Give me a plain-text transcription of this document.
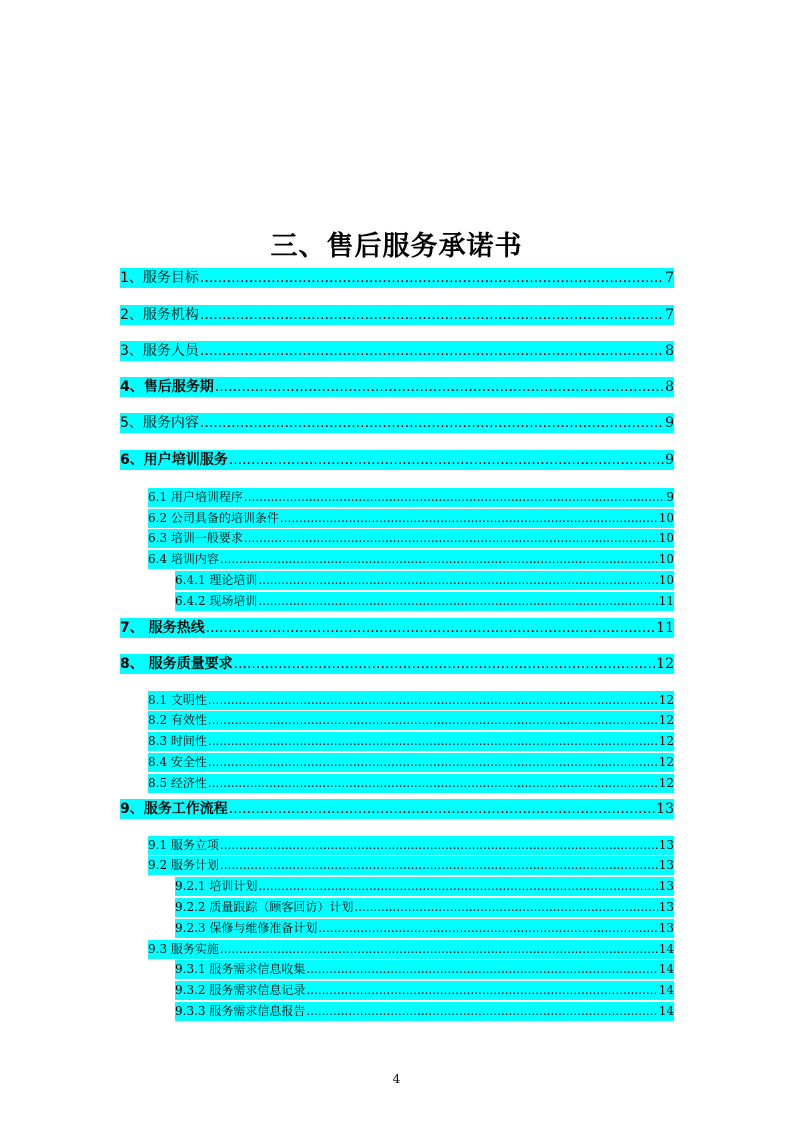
三、售后服务承诺书
1、服务目标 .....	7
2、服务机构 .....	7
3、服务人员 .....	8
4、售后服务期 .....	8
5、服务内容 .....	9
6、用户培训服务 .....	9
6.1 用户培训程序 .....	9
6.2 公司具备的培训条件 .....	10
6.3 培训一般要求 .....	10
6.4 培训内容 .....	10
6.4.1 理论培训 .....	10
6.4.2 现场培训 .....	11
7、 服务热线 .....	11
8、 服务质量要求 .....	12
8.1 文明性 .....	12
8.2 有效性 .....	12
8.3 时间性 .....	12
8.4 安全性 .....	12
8.5 经济性 .....	12
9、服务工作流程 .....	13
9.1 服务立项 .....	13
9.2 服务计划 .....	13
9.2.1 培训计划 .....	13
9.2.2 质量跟踪（顾客回访）计划 .....	13
9.2.3 保修与维修准备计划 .....	13
9.3 服务实施 .....	14
9.3.1 服务需求信息收集 .....	14
9.3.2 服务需求信息记录 .....	14
9.3.3 服务需求信息报告 .....	14
4
